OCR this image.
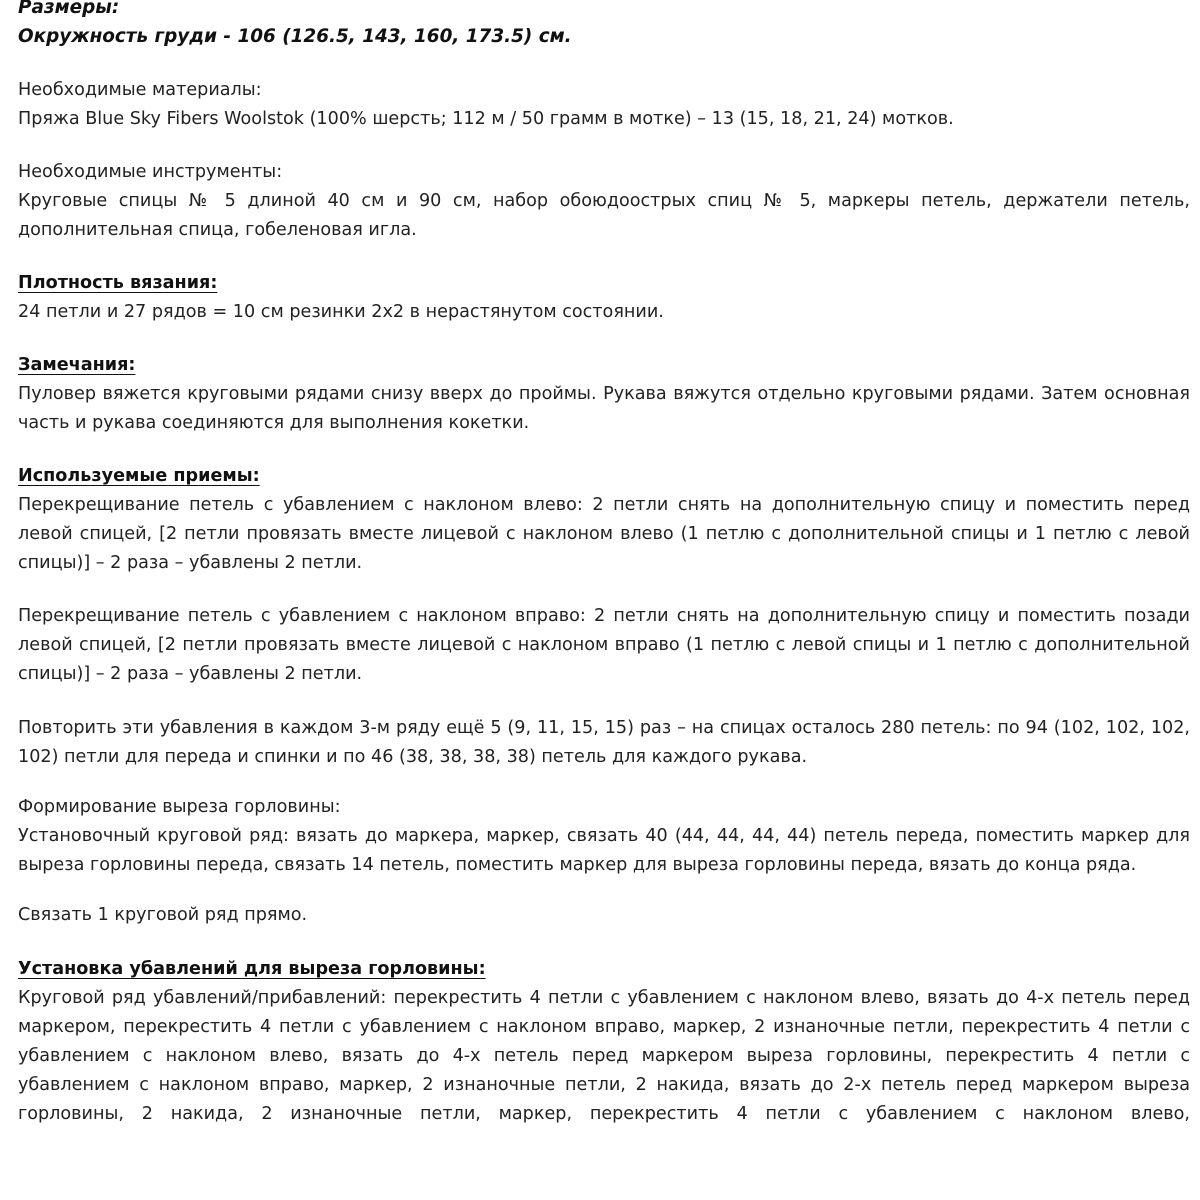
Размеры:

Окружность груди - 106 (126.5, 143, 160, 173.5) см.

Необходимые материалы:

Пряжа Blue Sky Fibers Woolstok (100% шерсть; 112 м / 50 грамм в мотке) – 13 (15, 18, 21, 24) мотков.

Необходимые инструменты:

Круговые спицы № 5 длиной 40 см и 90 см, набор обоюдоострых спиц № 5, маркеры петель, держатели петель, дополнительная спица, гобеленовая игла.

Плотность вязания:

24 петли и 27 рядов = 10 см резинки 2х2 в нерастянутом состоянии.

Замечания:

Пуловер вяжется круговыми рядами снизу вверх до проймы. Рукава вяжутся отдельно круговыми рядами. Затем основная часть и рукава соединяются для выполнения кокетки.

Используемые приемы:

Перекрещивание петель с убавлением с наклоном влево: 2 петли снять на дополнительную спицу и поместить перед левой спицей, [2 петли провязать вместе лицевой с наклоном влево (1 петлю с дополнительной спицы и 1 петлю с левой спицы)] – 2 раза – убавлены 2 петли.

Перекрещивание петель с убавлением с наклоном вправо: 2 петли снять на дополнительную спицу и поместить позади левой спицей, [2 петли провязать вместе лицевой с наклоном вправо (1 петлю с левой спицы и 1 петлю с дополнительной спицы)] – 2 раза – убавлены 2 петли.

Повторить эти убавления в каждом 3-м ряду ещё 5 (9, 11, 15, 15) раз – на спицах осталось 280 петель: по 94 (102, 102, 102, 102) петли для переда и спинки и по 46 (38, 38, 38, 38) петель для каждого рукава.

Формирование выреза горловины:

Установочный круговой ряд: вязать до маркера, маркер, связать 40 (44, 44, 44, 44) петель переда, поместить маркер для выреза горловины переда, связать 14 петель, поместить маркер для выреза горловины переда, вязать до конца ряда.

Связать 1 круговой ряд прямо.

Установка убавлений для выреза горловины:

Круговой ряд убавлений/прибавлений: перекрестить 4 петли с убавлением с наклоном влево, вязать до 4-х петель перед маркером, перекрестить 4 петли с убавлением с наклоном вправо, маркер, 2 изнаночные петли, перекрестить 4 петли с убавлением с наклоном влево, вязать до 4-х петель перед маркером выреза горловины, перекрестить 4 петли с убавлением с наклоном вправо, маркер, 2 изнаночные петли, 2 накида, вязать до 2-х петель перед маркером выреза горловины, 2 накида, 2 изнаночные петли, маркер, перекрестить 4 петли с убавлением с наклоном влево,
